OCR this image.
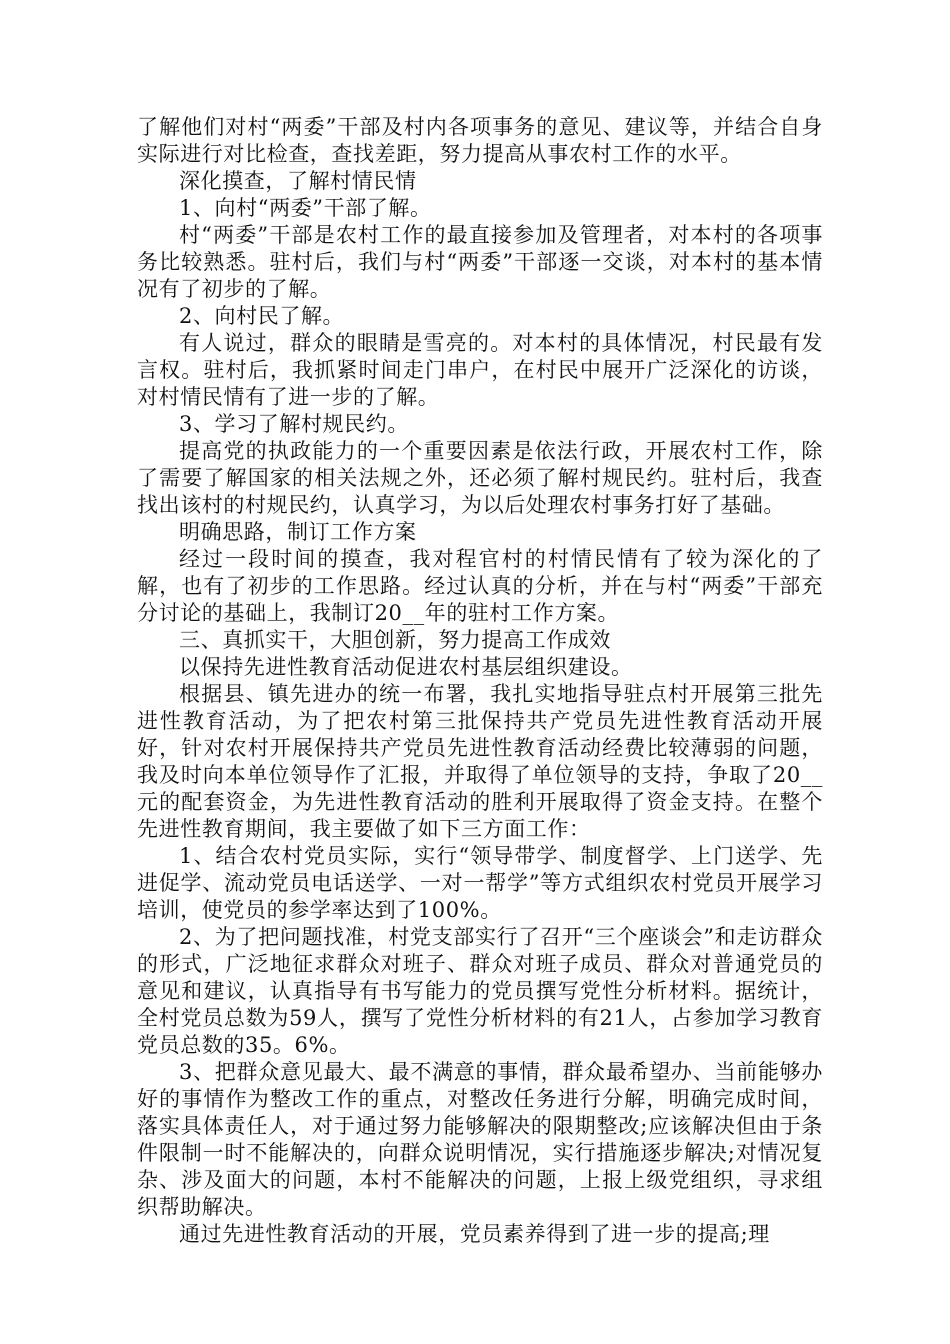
了解他们对村“两委”干部及村内各项事务的意见、建议等，并结合自身实际进行对比检查，查找差距，努力提高从事农村工作的水平。

深化摸查，了解村情民情

1、向村“两委”干部了解。

村“两委”干部是农村工作的最直接参加及管理者，对本村的各项事务比较熟悉。驻村后，我们与村“两委”干部逐一交谈，对本村的基本情况有了初步的了解。

2、向村民了解。

有人说过，群众的眼睛是雪亮的。对本村的具体情况，村民最有发言权。驻村后，我抓紧时间走门串户，在村民中展开广泛深化的访谈，对村情民情有了进一步的了解。

3、学习了解村规民约。

提高党的执政能力的一个重要因素是依法行政，开展农村工作，除了需要了解国家的相关法规之外，还必须了解村规民约。驻村后，我查找出该村的村规民约，认真学习，为以后处理农村事务打好了基础。

明确思路，制订工作方案

经过一段时间的摸查，我对程官村的村情民情有了较为深化的了解，也有了初步的工作思路。经过认真的分析，并在与村“两委”干部充分讨论的基础上，我制订20__年的驻村工作方案。

三、真抓实干，大胆创新，努力提高工作成效

以保持先进性教育活动促进农村基层组织建设。

根据县、镇先进办的统一布署，我扎实地指导驻点村开展第三批先进性教育活动，为了把农村第三批保持共产党员先进性教育活动开展好，针对农村开展保持共产党员先进性教育活动经费比较薄弱的问题，我及时向本单位领导作了汇报，并取得了单位领导的支持，争取了20__元的配套资金，为先进性教育活动的胜利开展取得了资金支持。在整个先进性教育期间，我主要做了如下三方面工作：

1、结合农村党员实际，实行“领导带学、制度督学、上门送学、先进促学、流动党员电话送学、一对一帮学”等方式组织农村党员开展学习培训，使党员的参学率达到了100%。

2、为了把问题找准，村党支部实行了召开“三个座谈会”和走访群众的形式，广泛地征求群众对班子、群众对班子成员、群众对普通党员的意见和建议，认真指导有书写能力的党员撰写党性分析材料。据统计，全村党员总数为59人，撰写了党性分析材料的有21人，占参加学习教育党员总数的35。6%。

3、把群众意见最大、最不满意的事情，群众最希望办、当前能够办好的事情作为整改工作的重点，对整改任务进行分解，明确完成时间，落实具体责任人，对于通过努力能够解决的限期整改;应该解决但由于条件限制一时不能解决的，向群众说明情况，实行措施逐步解决;对情况复杂、涉及面大的问题，本村不能解决的问题，上报上级党组织，寻求组织帮助解决。

通过先进性教育活动的开展，党员素养得到了进一步的提高;理
